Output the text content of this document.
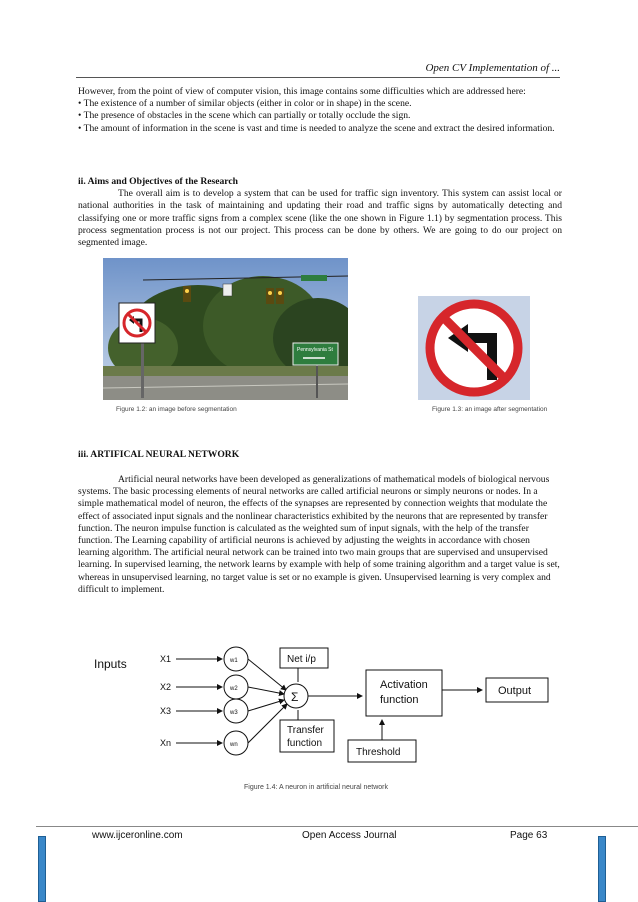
Open CV Implementation of ...
However, from the point of view of computer vision, this image contains some difficulties which are addressed here:
• The existence of a number of similar objects (either in color or in shape) in the scene.
• The presence of obstacles in the scene which can partially or totally occlude the sign.
• The amount of information in the scene is vast and time is needed to analyze the scene and extract the desired information.
ii. Aims and Objectives of the Research
The overall aim is to develop a system that can be used for traffic sign inventory. This system can assist local or national authorities in the task of maintaining and updating their road and traffic signs by automatically detecting and classifying one or more traffic signs from a complex scene (like the one shown in Figure 1.1) by segmentation process. This process segmentation process is not our project. This process can be done by others. We are going to do our project on segmented image.
Pennsylvania St
Figure 1.2: an image before segmentation	Figure 1.3: an image after segmentation
iii. ARTIFICAL NEURAL NETWORK
Artificial neural networks have been developed as generalizations of mathematical models of biological nervous systems. The basic processing elements of neural networks are called artificial neurons or simply neurons or nodes. In a simple mathematical model of neuron, the effects of the synapses are represented by connection weights that modulate the effect of associated input signals and the nonlinear characteristics exhibited by the neurons that are represented by transfer function. The neuron impulse function is calculated as the weighted sum of input signals, with the help of the transfer function. The Learning capability of artificial neurons is achieved by adjusting the weights in accordance with chosen learning algorithm. The artificial neural network can be trained into two main groups that are supervised and unsupervised learning. In supervised learning, the network learns by example with help of some training algorithm and a target value is set, whereas in unsupervised learning, no target value is set or no example is given. Unsupervised learning is very complex and difficult to implement.
Inputs	X1
X2
X3
Xn
w1
w2
w3
wn
Σ
Net i/p
Transfer
function
Activation
function
Output
Threshold
Figure 1.4: A neuron in artificial neural network
www.ijceronline.com	Open Access Journal	Page 63
